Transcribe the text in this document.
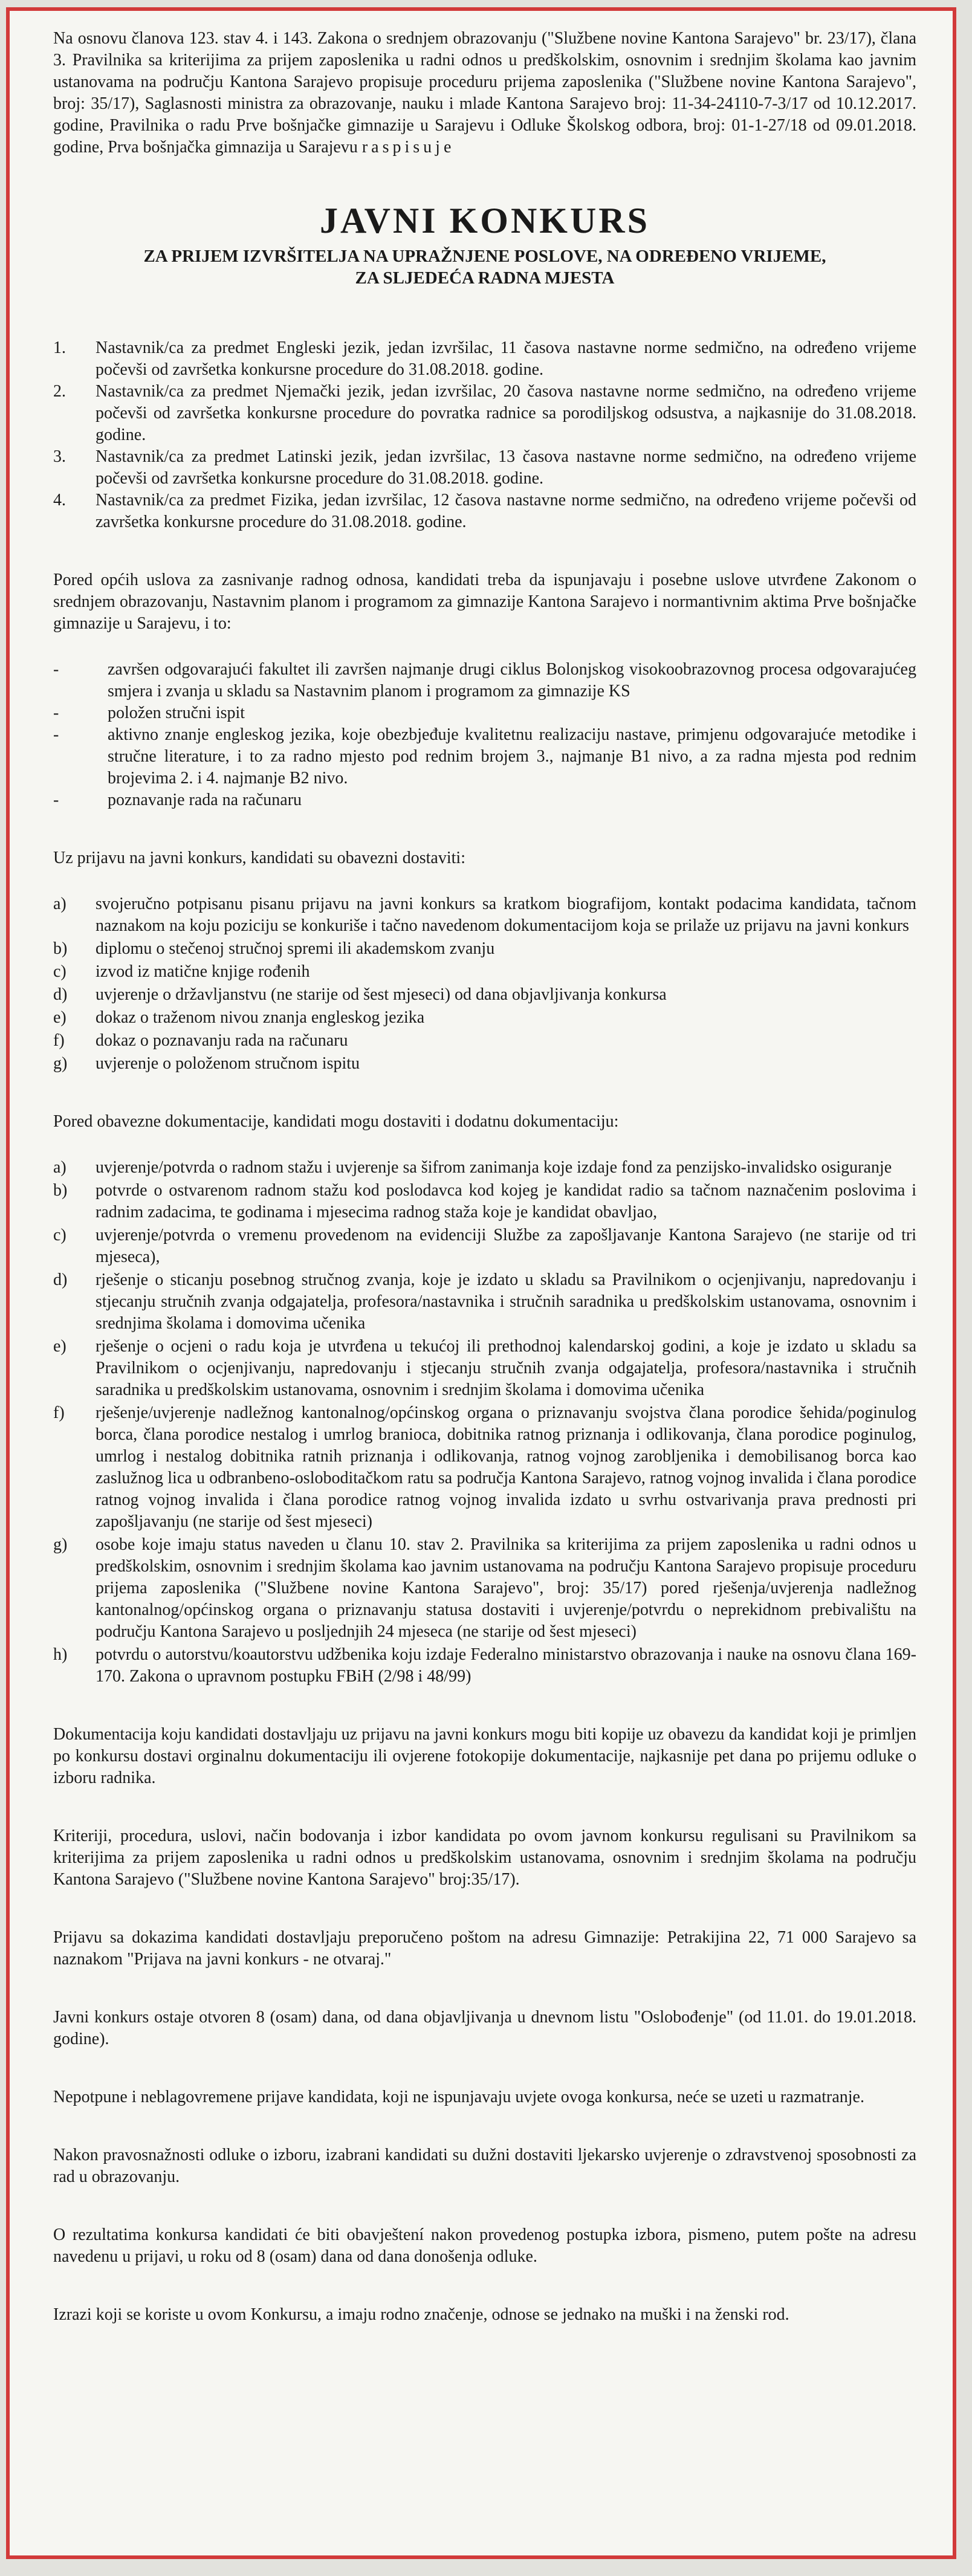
Na osnovu članova 123. stav 4. i 143. Zakona o srednjem obrazovanju ("Službene novine Kantona Sarajevo" br. 23/17), člana 3. Pravilnika sa kriterijima za prijem zaposlenika u radni odnos u predškolskim, osnovnim i srednjim školama kao javnim ustanovama na području Kantona Sarajevo propisuje proceduru prijema zaposlenika ("Službene novine Kantona Sarajevo", broj: 35/17), Saglasnosti ministra za obrazovanje, nauku i mlade Kantona Sarajevo broj: 11-34-24110-7-3/17 od 10.12.2017. godine, Pravilnika o radu Prve bošnjačke gimnazije u Sarajevu i Odluke Školskog odbora, broj: 01-1-27/18 od 09.01.2018. godine, Prva bošnjačka gimnazija u Sarajevu raspisuje

JAVNI KONKURS
ZA PRIJEM IZVRŠITELJA NA UPRAŽNJENE POSLOVE, NA ODREĐENO VRIJEME,
ZA SLJEDEĆA RADNA MJESTA
1.	Nastavnik/ca za predmet Engleski jezik, jedan izvršilac, 11 časova nastavne norme sedmično, na određeno vrijeme počevši od završetka konkursne procedure do 31.08.2018. godine.
2.	Nastavnik/ca za predmet Njemački jezik, jedan izvršilac, 20 časova nastavne norme sedmično, na određeno vrijeme počevši od završetka konkursne procedure do povratka radnice sa porodiljskog odsustva, a najkasnije do 31.08.2018. godine.
3.	Nastavnik/ca za predmet Latinski jezik, jedan izvršilac, 13 časova nastavne norme sedmično, na određeno vrijeme počevši od završetka konkursne procedure do 31.08.2018. godine.
4.	Nastavnik/ca za predmet Fizika, jedan izvršilac, 12 časova nastavne norme sedmično, na određeno vrijeme počevši od završetka konkursne procedure do 31.08.2018. godine.

Pored općih uslova za zasnivanje radnog odnosa, kandidati treba da ispunjavaju i posebne uslove utvrđene Zakonom o srednjem obrazovanju, Nastavnim planom i programom za gimnazije Kantona Sarajevo i normantivnim aktima Prve bošnjačke gimnazije u Sarajevu, i to:

-	završen odgovarajući fakultet ili završen najmanje drugi ciklus Bolonjskog visokoobrazovnog procesa odgovarajućeg smjera i zvanja u skladu sa Nastavnim planom i programom za gimnazije KS
-	položen stručni ispit
-	aktivno znanje engleskog jezika, koje obezbjeđuje kvalitetnu realizaciju nastave, primjenu odgovarajuće metodike i stručne literature, i to za radno mjesto pod rednim brojem 3., najmanje B1 nivo, a za radna mjesta pod rednim brojevima 2. i 4. najmanje B2 nivo.
-	poznavanje rada na računaru

Uz prijavu na javni konkurs, kandidati su obavezni dostaviti:

a)	svojeručno potpisanu pisanu prijavu na javni konkurs sa kratkom biografijom, kontakt podacima kandidata, tačnom naznakom na koju poziciju se konkuriše i tačno navedenom dokumentacijom koja se prilaže uz prijavu na javni konkurs
b)	diplomu o stečenoj stručnoj spremi ili akademskom zvanju
c)	izvod iz matične knjige rođenih
d)	uvjerenje o državljanstvu (ne starije od šest mjeseci) od dana objavljivanja konkursa
e)	dokaz o traženom nivou znanja engleskog jezika
f)	dokaz o poznavanju rada na računaru
g)	uvjerenje o položenom stručnom ispitu

Pored obavezne dokumentacije, kandidati mogu dostaviti i dodatnu dokumentaciju:

a)	uvjerenje/potvrda o radnom stažu i uvjerenje sa šifrom zanimanja koje izdaje fond za penzijsko-invalidsko osiguranje
b)	potvrde o ostvarenom radnom stažu kod poslodavca kod kojeg je kandidat radio sa tačnom naznačenim poslovima i radnim zadacima, te godinama i mjesecima radnog staža koje je kandidat obavljao,
c)	uvjerenje/potvrda o vremenu provedenom na evidenciji Službe za zapošljavanje Kantona Sarajevo (ne starije od tri mjeseca),
d)	rješenje o sticanju posebnog stručnog zvanja, koje je izdato u skladu sa Pravilnikom o ocjenjivanju, napredovanju i stjecanju stručnih zvanja odgajatelja, profesora/nastavnika i stručnih saradnika u predškolskim ustanovama, osnovnim i srednjima školama i domovima učenika
e)	rješenje o ocjeni o radu koja je utvrđena u tekućoj ili prethodnoj kalendarskoj godini, a koje je izdato u skladu sa Pravilnikom o ocjenjivanju, napredovanju i stjecanju stručnih zvanja odgajatelja, profesora/nastavnika i stručnih saradnika u predškolskim ustanovama, osnovnim i srednjim školama i domovima učenika
f)	rješenje/uvjerenje nadležnog kantonalnog/općinskog organa o priznavanju svojstva člana porodice šehida/poginulog borca, člana porodice nestalog i umrlog branioca, dobitnika ratnog priznanja i odlikovanja, člana porodice poginulog, umrlog i nestalog dobitnika ratnih priznanja i odlikovanja, ratnog vojnog zarobljenika i demobilisanog borca kao zaslužnog lica u odbranbeno-osloboditačkom ratu sa područja Kantona Sarajevo, ratnog vojnog invalida i člana porodice ratnog vojnog invalida i člana porodice ratnog vojnog invalida izdato u svrhu ostvarivanja prava prednosti pri zapošljavanju (ne starije od šest mjeseci)
g)	osobe koje imaju status naveden u članu 10. stav 2. Pravilnika sa kriterijima za prijem zaposlenika u radni odnos u predškolskim, osnovnim i srednjim školama kao javnim ustanovama na području Kantona Sarajevo propisuje proceduru prijema zaposlenika ("Službene novine Kantona Sarajevo", broj: 35/17) pored rješenja/uvjerenja nadležnog kantonalnog/općinskog organa o priznavanju statusa dostaviti i uvjerenje/potvrdu o neprekidnom prebivalištu na području Kantona Sarajevo u posljednjih 24 mjeseca (ne starije od šest mjeseci)
h)	potvrdu o autorstvu/koautorstvu udžbenika koju izdaje Federalno ministarstvo obrazovanja i nauke na osnovu člana 169-170. Zakona o upravnom postupku FBiH (2/98 i 48/99)

Dokumentacija koju kandidati dostavljaju uz prijavu na javni konkurs mogu biti kopije uz obavezu da kandidat koji je primljen po konkursu dostavi orginalnu dokumentaciju ili ovjerene fotokopije dokumentacije, najkasnije pet dana po prijemu odluke o izboru radnika.

Kriteriji, procedura, uslovi, način bodovanja i izbor kandidata po ovom javnom konkursu regulisani su Pravilnikom sa kriterijima za prijem zaposlenika u radni odnos u predškolskim ustanovama, osnovnim i srednjim školama na području Kantona Sarajevo ("Službene novine Kantona Sarajevo" broj:35/17).

Prijavu sa dokazima kandidati dostavljaju preporučeno poštom na adresu Gimnazije: Petrakijina 22, 71 000 Sarajevo sa naznakom "Prijava na javni konkurs - ne otvaraj."

Javni konkurs ostaje otvoren 8 (osam) dana, od dana objavljivanja u dnevnom listu "Oslobođenje" (od 11.01. do 19.01.2018. godine).

Nepotpune i neblagovremene prijave kandidata, koji ne ispunjavaju uvjete ovoga konkursa, neće se uzeti u razmatranje.

Nakon pravosnažnosti odluke o izboru, izabrani kandidati su dužni dostaviti ljekarsko uvjerenje o zdravstvenoj sposobnosti za rad u obrazovanju.

O rezultatima konkursa kandidati će biti obavještení nakon provedenog postupka izbora, pismeno, putem pošte na adresu navedenu u prijavi, u roku od 8 (osam) dana od dana donošenja odluke.

Izrazi koji se koriste u ovom Konkursu, a imaju rodno značenje, odnose se jednako na muški i na ženski rod.
